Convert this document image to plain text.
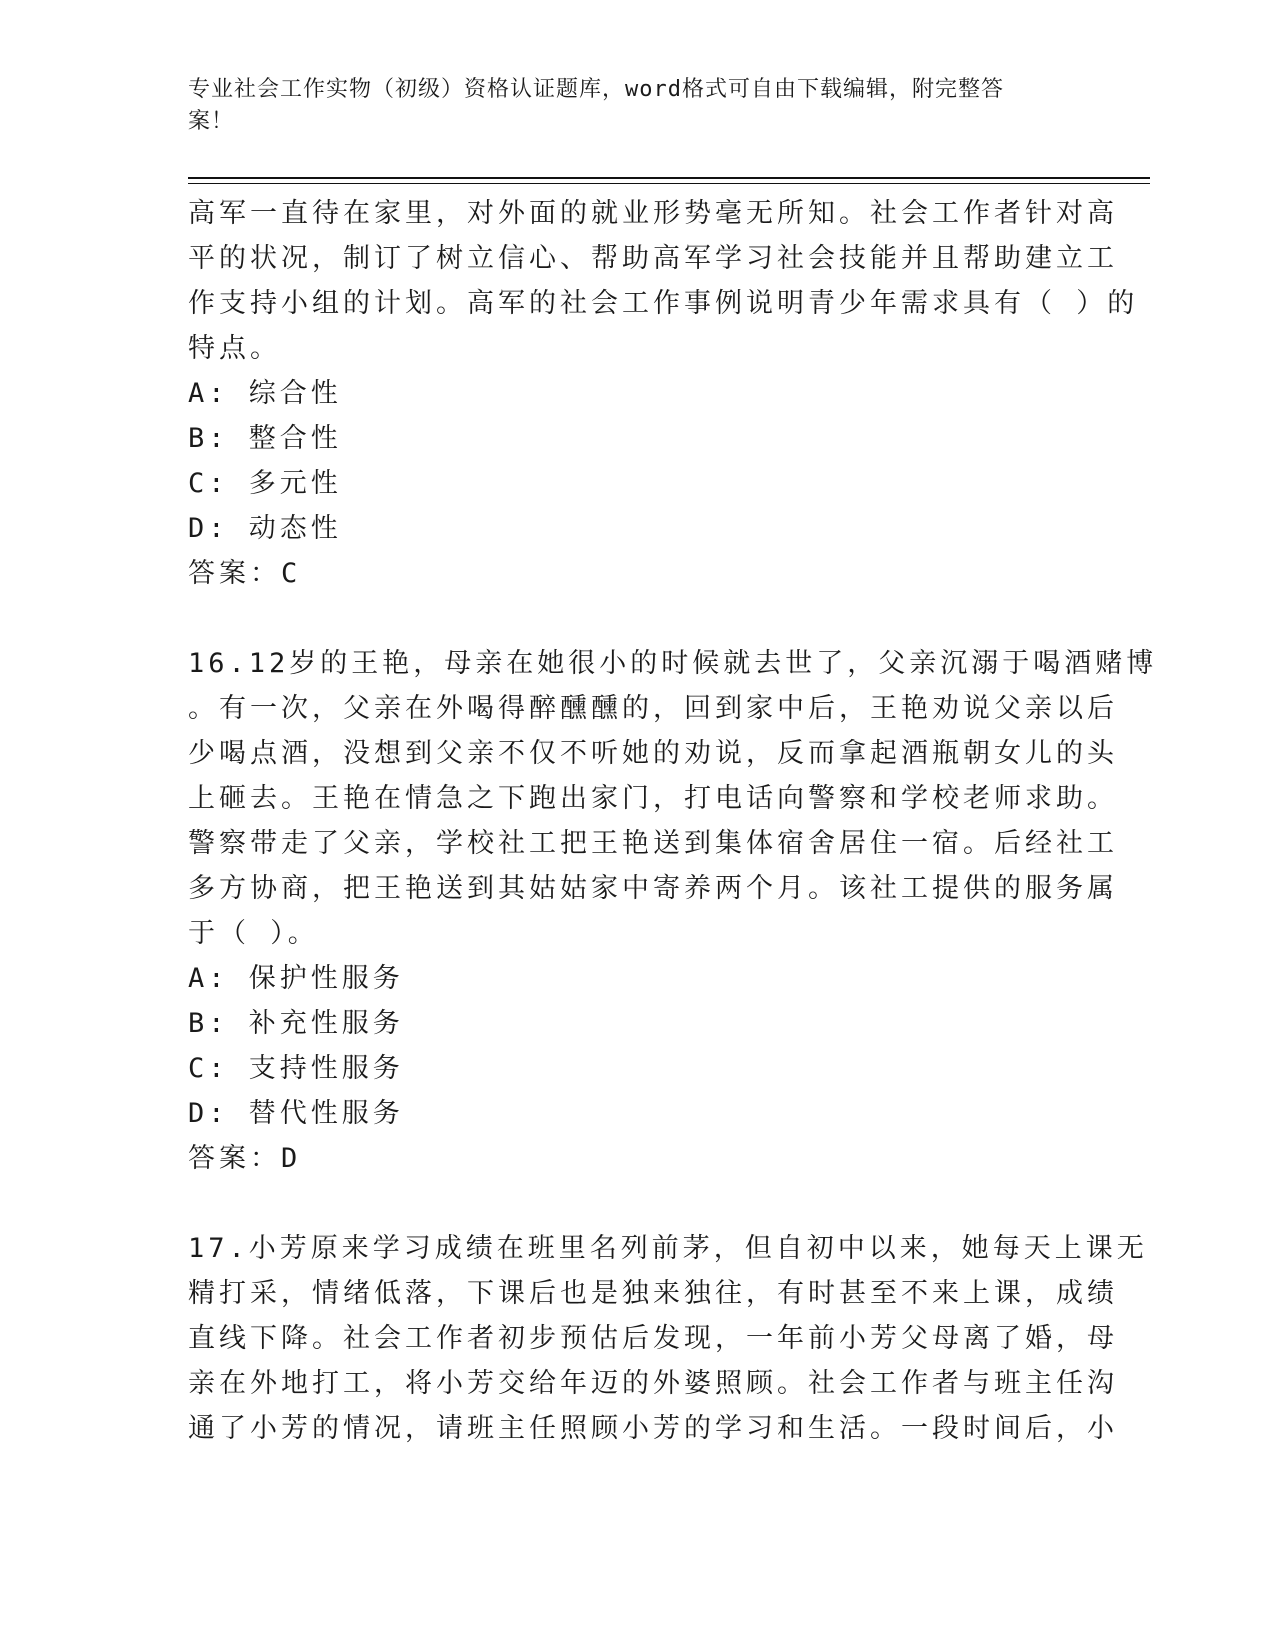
专业社会工作实物（初级）资格认证题库，word格式可自由下载编辑，附完整答
案！

高军一直待在家里，对外面的就业形势毫无所知。社会工作者针对高

平的状况，制订了树立信心、帮助高军学习社会技能并且帮助建立工

作支持小组的计划。高军的社会工作事例说明青少年需求具有（ ）的

特点。

A: 综合性

B: 整合性

C: 多元性

D: 动态性

答案：C

16.12岁的王艳，母亲在她很小的时候就去世了，父亲沉溺于喝酒赌博

。有一次，父亲在外喝得醉醺醺的，回到家中后，王艳劝说父亲以后

少喝点酒，没想到父亲不仅不听她的劝说，反而拿起酒瓶朝女儿的头

上砸去。王艳在情急之下跑出家门，打电话向警察和学校老师求助。

警察带走了父亲，学校社工把王艳送到集体宿舍居住一宿。后经社工

多方协商，把王艳送到其姑姑家中寄养两个月。该社工提供的服务属

于（ ）。

A: 保护性服务

B: 补充性服务

C: 支持性服务

D: 替代性服务

答案：D

17.小芳原来学习成绩在班里名列前茅，但自初中以来，她每天上课无

精打采，情绪低落，下课后也是独来独往，有时甚至不来上课，成绩

直线下降。社会工作者初步预估后发现，一年前小芳父母离了婚，母

亲在外地打工，将小芳交给年迈的外婆照顾。社会工作者与班主任沟

通了小芳的情况，请班主任照顾小芳的学习和生活。一段时间后，小
